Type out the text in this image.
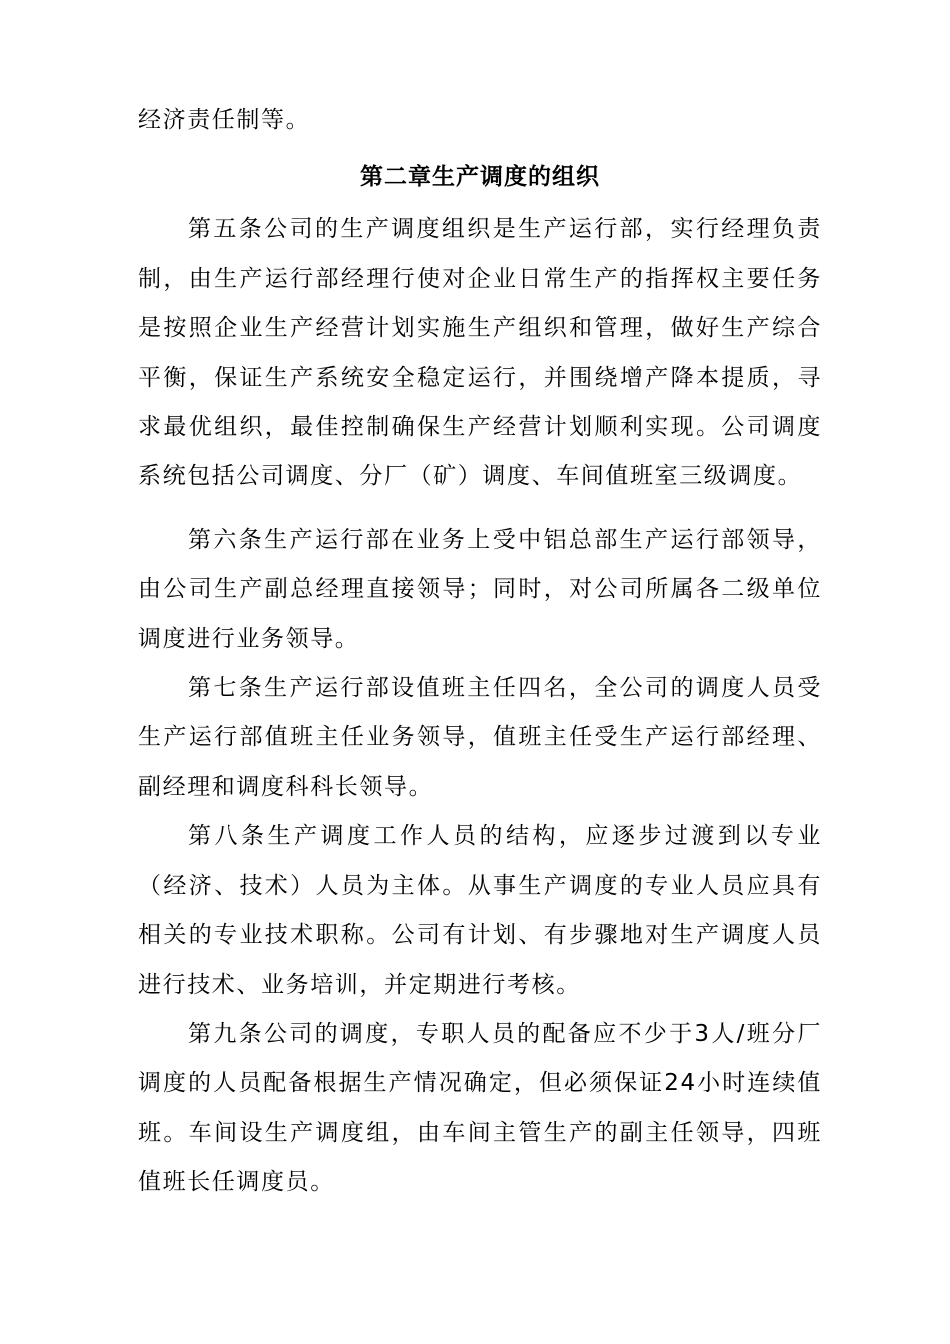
经济责任制等。

第二章生产调度的组织

第五条公司的生产调度组织是生产运行部，实行经理负责制，由生产运行部经理行使对企业日常生产的指挥权主要任务是按照企业生产经营计划实施生产组织和管理，做好生产综合平衡，保证生产系统安全稳定运行，并围绕增产降本提质，寻求最优组织，最佳控制确保生产经营计划顺利实现。公司调度系统包括公司调度、分厂（矿）调度、车间值班室三级调度。

第六条生产运行部在业务上受中铝总部生产运行部领导，由公司生产副总经理直接领导；同时，对公司所属各二级单位调度进行业务领导。

第七条生产运行部设值班主任四名，全公司的调度人员受生产运行部值班主任业务领导，值班主任受生产运行部经理、副经理和调度科科长领导。

第八条生产调度工作人员的结构，应逐步过渡到以专业（经济、技术）人员为主体。从事生产调度的专业人员应具有相关的专业技术职称。公司有计划、有步骤地对生产调度人员进行技术、业务培训，并定期进行考核。

第九条公司的调度，专职人员的配备应不少于3人/班分厂调度的人员配备根据生产情况确定，但必须保证24小时连续值班。车间设生产调度组，由车间主管生产的副主任领导，四班值班长任调度员。
